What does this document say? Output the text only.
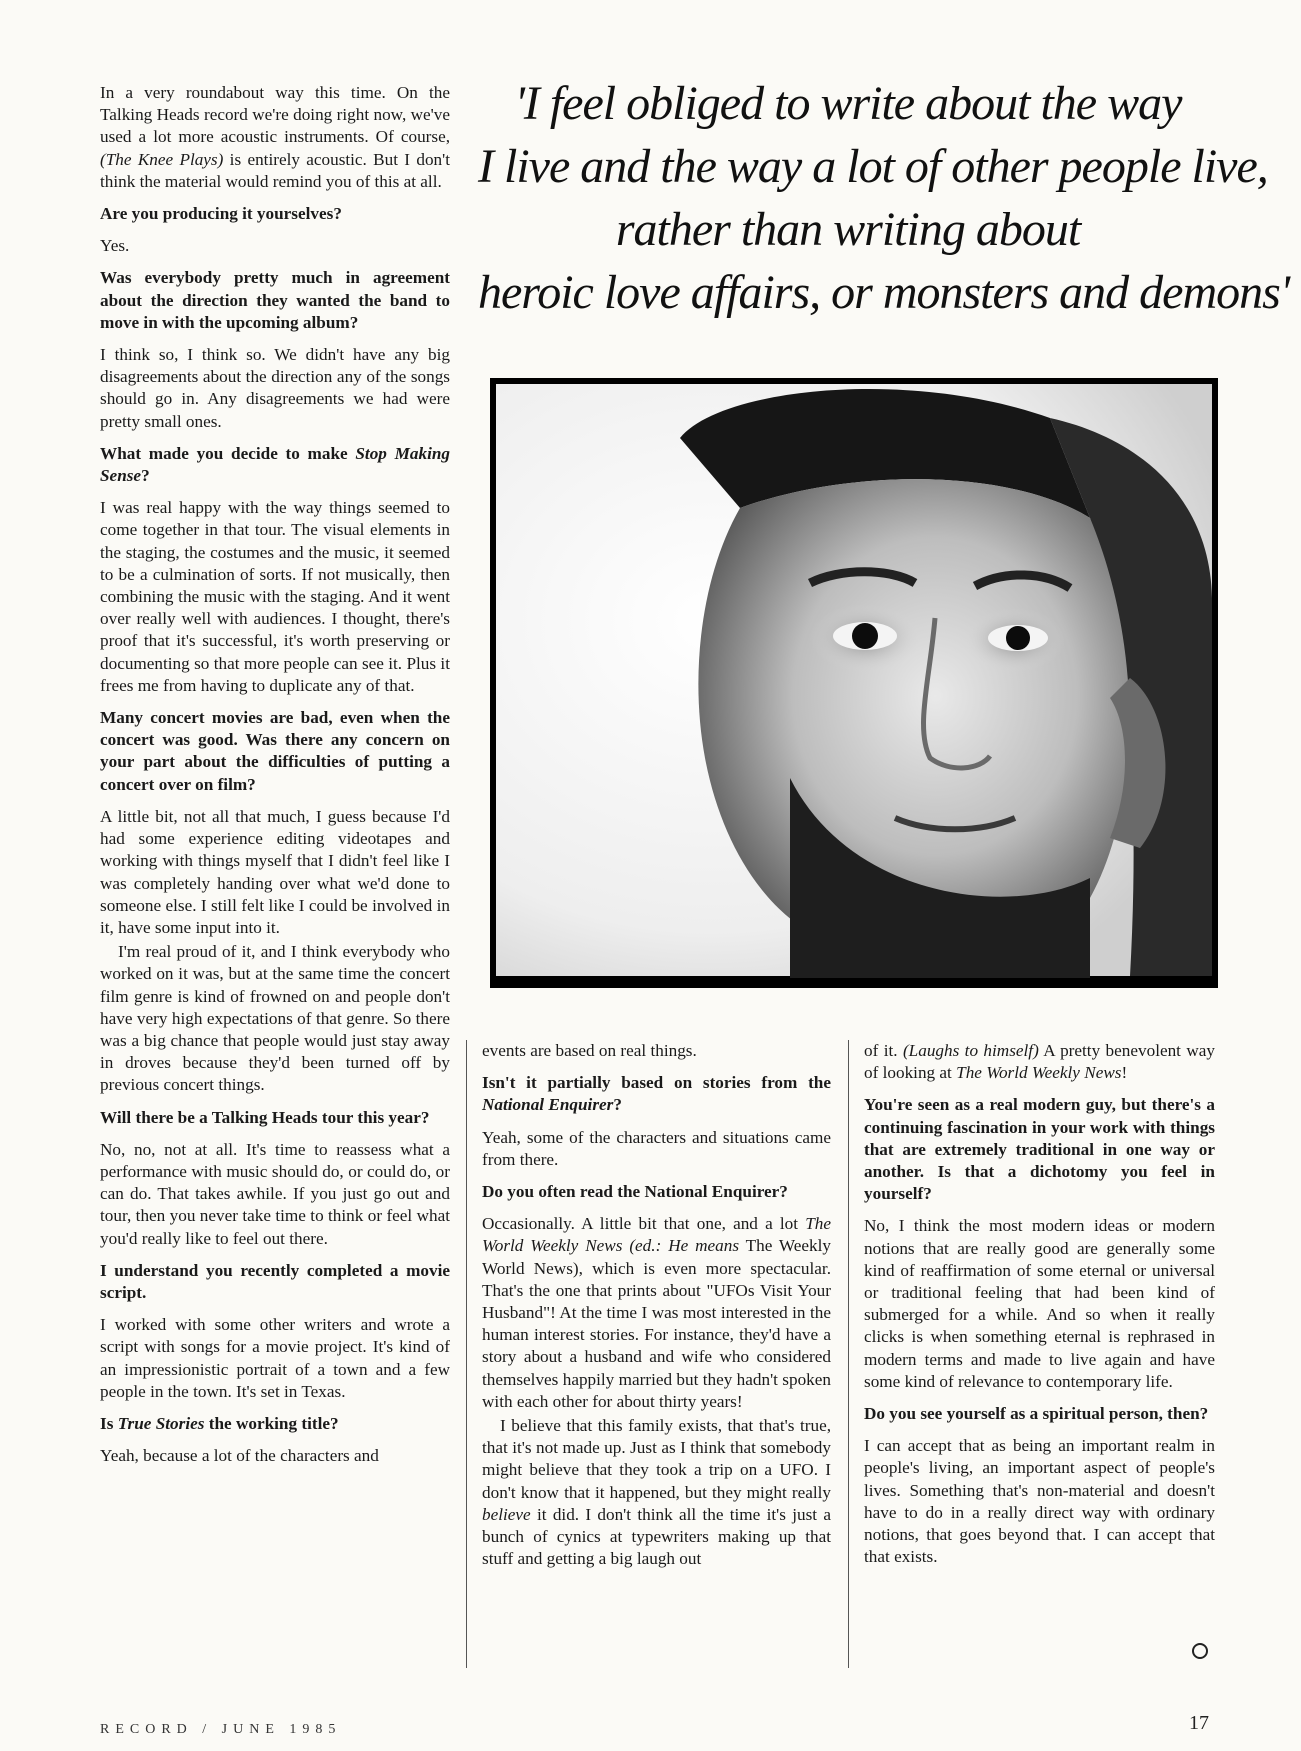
In a very roundabout way this time. On the Talking Heads record we're doing right now, we've used a lot more acoustic instruments. Of course, (The Knee Plays) is entirely acoustic. But I don't think the material would remind you of this at all.

Are you producing it yourselves?

Yes.

Was everybody pretty much in agreement about the direction they wanted the band to move in with the upcoming album?

I think so, I think so. We didn't have any big disagreements about the direction any of the songs should go in. Any disagreements we had were pretty small ones.

What made you decide to make Stop Making Sense?

I was real happy with the way things seemed to come together in that tour. The visual elements in the staging, the costumes and the music, it seemed to be a culmination of sorts. If not musically, then combining the music with the staging. And it went over really well with audiences. I thought, there's proof that it's successful, it's worth preserving or documenting so that more people can see it. Plus it frees me from having to duplicate any of that.

Many concert movies are bad, even when the concert was good. Was there any concern on your part about the difficulties of putting a concert over on film?

A little bit, not all that much, I guess because I'd had some experience editing videotapes and working with things myself that I didn't feel like I was completely handing over what we'd done to someone else. I still felt like I could be involved in it, have some input into it.

I'm real proud of it, and I think everybody who worked on it was, but at the same time the concert film genre is kind of frowned on and people don't have very high expectations of that genre. So there was a big chance that people would just stay away in droves because they'd been turned off by previous concert things.

Will there be a Talking Heads tour this year?

No, no, not at all. It's time to reassess what a performance with music should do, or could do, or can do. That takes awhile. If you just go out and tour, then you never take time to think or feel what you'd really like to feel out there.

I understand you recently completed a movie script.

I worked with some other writers and wrote a script with songs for a movie project. It's kind of an impressionistic portrait of a town and a few people in the town. It's set in Texas.

Is True Stories the working title?

Yeah, because a lot of the characters and

'I feel obliged to write about the way
I live and the way a lot of other people live,
rather than writing about
heroic love affairs, or monsters and demons'

events are based on real things.

Isn't it partially based on stories from the National Enquirer?

Yeah, some of the characters and situations came from there.

Do you often read the National Enquirer?

Occasionally. A little bit that one, and a lot The World Weekly News (ed.: He means The Weekly World News), which is even more spectacular. That's the one that prints about "UFOs Visit Your Husband"! At the time I was most interested in the human interest stories. For instance, they'd have a story about a husband and wife who considered themselves happily married but they hadn't spoken with each other for about thirty years!

I believe that this family exists, that that's true, that it's not made up. Just as I think that somebody might believe that they took a trip on a UFO. I don't know that it happened, but they might really believe it did. I don't think all the time it's just a bunch of cynics at typewriters making up that stuff and getting a big laugh out

of it. (Laughs to himself) A pretty benevolent way of looking at The World Weekly News!

You're seen as a real modern guy, but there's a continuing fascination in your work with things that are extremely traditional in one way or another. Is that a dichotomy you feel in yourself?

No, I think the most modern ideas or modern notions that are really good are generally some kind of reaffirmation of some eternal or universal or traditional feeling that had been kind of submerged for a while. And so when it really clicks is when something eternal is rephrased in modern terms and made to live again and have some kind of relevance to contemporary life.

Do you see yourself as a spiritual person, then?

I can accept that as being an important realm in people's living, an important aspect of people's lives. Something that's non-material and doesn't have to do in a really direct way with ordinary notions, that goes beyond that. I can accept that that exists.

RECORD / JUNE 1985	17
